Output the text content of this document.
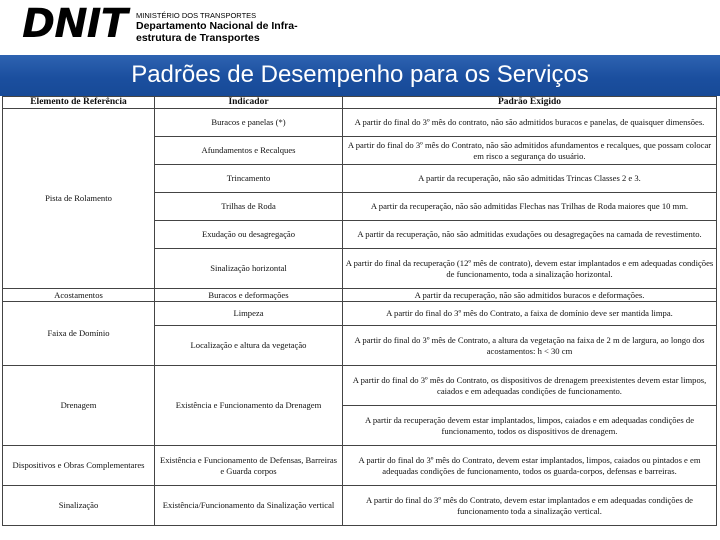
DNIT MINISTÉRIO DOS TRANSPORTES
Departamento Nacional de Infra-estrutura de Transportes
Padrões de Desempenho para os Serviços
Elemento de Referência	Indicador	Padrão Exigido
Pista de Rolamento	Buracos e panelas (*)	A partir do final do 3º mês do contrato, não são admitidos buracos e panelas, de quaisquer dimensões.
	Afundamentos e Recalques	A partir do final do 3º mês do Contrato, não são admitidos afundamentos e recalques, que possam colocar em risco a segurança do usuário.
	Trincamento	A partir da recuperação, não são admitidas Trincas Classes 2 e 3.
	Trilhas de Roda	A partir da recuperação, não são admitidas Flechas nas Trilhas de Roda maiores que 10 mm.
	Exudação ou desagregação	A partir da recuperação, não são admitidas exudações ou desagregações na camada de revestimento.
	Sinalização horizontal	A partir do final da recuperação (12º mês de contrato), devem estar implantados e em adequadas condições de funcionamento, toda a sinalização horizontal.
Acostamentos	Buracos e deformações	A partir da recuperação, não são admitidos buracos e deformações.
Faixa de Domínio	Limpeza	A partir do final do 3º mês do Contrato, a faixa de domínio deve ser mantida limpa.
	Localização e altura da vegetação	A partir do final do 3º mês de Contrato, a altura da vegetação na faixa de 2 m de largura, ao longo dos acostamentos: h < 30 cm
Drenagem	Existência e Funcionamento da Drenagem	A partir do final do 3º mês do Contrato, os dispositivos de drenagem preexistentes devem estar limpos, caiados e em adequadas condições de funcionamento.
		A partir da recuperação devem estar implantados, limpos, caiados e em adequadas condições de funcionamento, todos os dispositivos de drenagem.
Dispositivos e Obras Complementares	Existência e Funcionamento de Defensas, Barreiras e Guarda corpos	A partir do final do 3º mês do Contrato, devem estar implantados, limpos, caiados ou pintados e em adequadas condições de funcionamento, todos os guarda-corpos, defensas e barreiras.
Sinalização	Existência/Funcionamento da Sinalização vertical	A partir do final do 3º mês do Contrato, devem estar implantados e em adequadas condições de funcionamento toda a sinalização vertical.
